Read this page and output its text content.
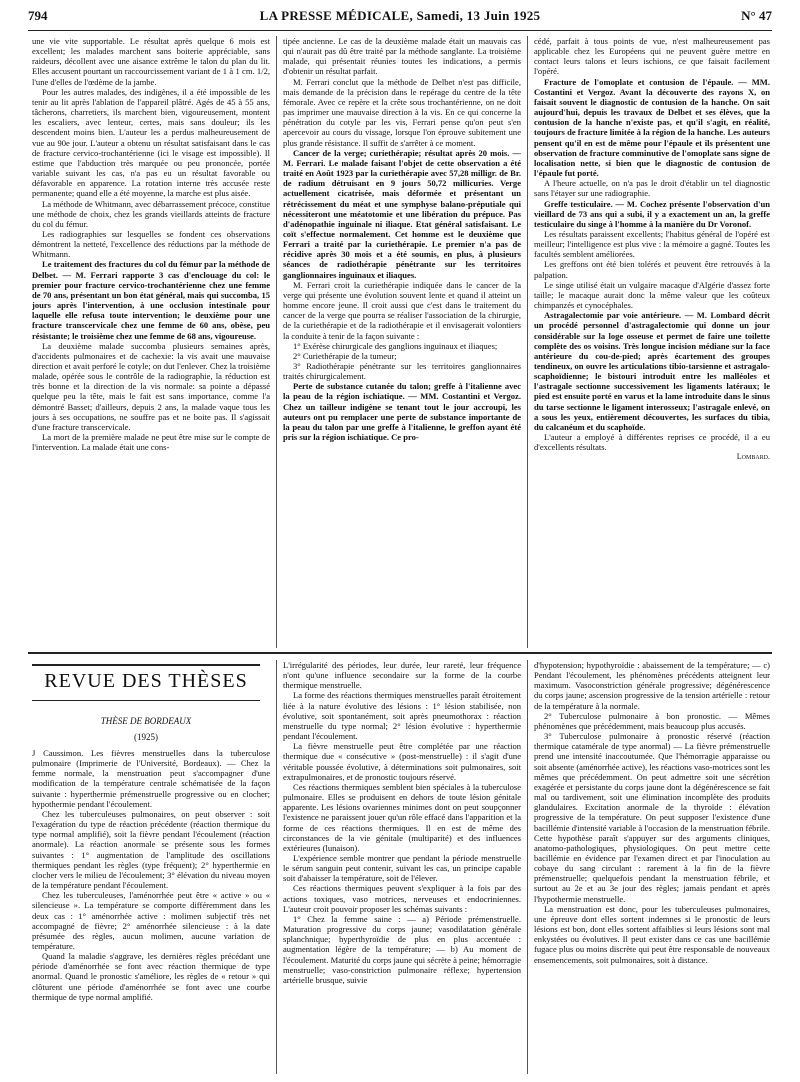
794	LA PRESSE MÉDICALE, Samedi, 13 Juin 1925	N° 47

une vie vite supportable. Le résultat après quelque 6 mois est excellent; les malades marchent sans boiterie appréciable, sans raideurs, décollent avec une aisance extrême le talon du plan du lit. Elles accusent pourtant un raccourcissement variant de 1 à 1 cm. 1/2, l'une d'elles de l'œdème de la jambe.

Pour les autres malades, des indigènes, il a été impossible de les tenir au lit après l'ablation de l'appareil plâtré. Agés de 45 à 55 ans, tâcherons, charretiers, ils marchent bien, vigoureusement, montent les escaliers, avec lenteur, certes, mais sans douleur; ils les descendent moins bien. L'auteur les a perdus malheureusement de vue au 90e jour. L'auteur a obtenu un résultat satisfaisant dans le cas de fracture cervico-trochantérienne (ici le visage est impossible). Il estime que l'abduction très marquée ou peu prononcée, portée variable suivant les cas, n'a pas eu un résultat favorable ou défavorable en apparence. La rotation interne très accusée reste permanente; quand elle a été moyenne, la marche est plus aisée.

La méthode de Whitmann, avec débarrassement précoce, constitue une méthode de choix, chez les grands vieillards atteints de fracture du col du fémur.

Les radiographies sur lesquelles se fondent ces observations démontrent la netteté, l'excellence des réductions par la méthode de Whitmann.

Le traitement des fractures du col du fémur par la méthode de Delbet. — M. Ferrari rapporte 3 cas d'enclouage du col: le premier pour fracture cervico-trochantérienne chez une femme de 70 ans, présentant un bon état général, mais qui succomba, 15 jours après l'intervention, à une occlusion intestinale pour laquelle elle refusa toute intervention; le deuxième pour une fracture transcervicale chez une femme de 60 ans, obèse, peu résistante; le troisième chez une femme de 68 ans, vigoureuse.

La deuxième malade succomba plusieurs semaines après, d'accidents pulmonaires et de cachexie: la vis avait une mauvaise direction et avait perforé le cotyle; on dut l'enlever. Chez la troisième malade, opérée sous le contrôle de la radiographie, la réduction est très bonne et la direction de la vis normale: sa pointe a dépassé quelque peu la tête, mais le fait est sans importance, comme l'a démontré Basset; d'ailleurs, depuis 2 ans, la malade vaque tous les jours à ses occupations, ne souffre pas et ne boite pas. Il s'agissait d'une fracture transcervicale.

La mort de la première malade ne peut être mise sur le compte de l'intervention. La malade était une cons-

tipée ancienne. Le cas de la deuxième malade était un mauvais cas qui n'aurait pas dû être traité par la méthode sanglante. La troisième malade, qui présentait réunies toutes les indications, a permis d'obtenir un résultat parfait.

M. Ferrari conclut que la méthode de Delbet n'est pas difficile, mais demande de la précision dans le repérage du centre de la tête fémorale. Avec ce repère et la crête sous trochantérienne, on ne doit pas imprimer une mauvaise direction à la vis. En ce qui concerne la pénétration du cotyle par les vis, Ferrari pense qu'on peut s'en apercevoir au cours du vissage, lorsque l'on éprouve subitement une plus grande résistance. Il suffit de s'arrêter à ce moment.

Cancer de la verge; curiethérapie; résultat après 20 mois. — M. Ferrari. Le malade faisant l'objet de cette observation a été traité en Août 1923 par la curiethérapie avec 57,28 milligr. de Br. de radium détruisant en 9 jours 50,72 millicuries. Verge actuellement cicatrisée, mais déformée et présentant un rétrécissement du méat et une symphyse balano-préputiale qui nécessiteront une méatotomie et une libération du prépuce. Pas d'adénopathie inguinale ni iliaque. Etat général satisfaisant. Le coït s'effectue normalement. Cet homme est le deuxième que Ferrari a traité par la curiethérapie. Le premier n'a pas de récidive après 30 mois et a été soumis, en plus, à plusieurs séances de radiothérapie pénétrante sur les territoires ganglionnaires inguinaux et iliaques.

M. Ferrari croit la curiethérapie indiquée dans le cancer de la verge qui présente une évolution souvent lente et quand il atteint un homme encore jeune. Il croit aussi que c'est dans le traitement du cancer de la verge que pourra se réaliser l'association de la chirurgie, de la curiethérapie et de la radiothérapie et il envisagerait volontiers la conduite à tenir de la façon suivante :

1° Exérèse chirurgicale des ganglions inguinaux et iliaques;

2° Curiethérapie de la tumeur;

3° Radiothérapie pénétrante sur les territoires ganglionnaires traités chirurgicalement.

Perte de substance cutanée du talon; greffe à l'italienne avec la peau de la région ischiatique. — MM. Costantini et Vergoz. Chez un tailleur indigène se tenant tout le jour accroupi, les auteurs ont pu remplacer une perte de substance importante de la peau du talon par une greffe à l'italienne, le greffon ayant été pris sur la région ischiatique. Ce pro-

cédé, parfait à tous points de vue, n'est malheureusement pas applicable chez les Européens qui ne peuvent guère mettre en contact leurs talons et leurs ischions, ce que faisait facilement l'opéré.

Fracture de l'omoplate et contusion de l'épaule. — MM. Costantini et Vergoz. Avant la découverte des rayons X, on faisait souvent le diagnostic de contusion de la hanche. On sait aujourd'hui, depuis les travaux de Delbet et ses élèves, que la contusion de la hanche n'existe pas, et qu'il s'agit, en réalité, toujours de fracture limitée à la région de la hanche. Les auteurs pensent qu'il en est de même pour l'épaule et ils présentent une observation de fracture comminutive de l'omoplate sans signe de localisation nette, si bien que le diagnostic de contusion de l'épaule fut porté.

A l'heure actuelle, on n'a pas le droit d'établir un tel diagnostic sans l'étayer sur une radiographie.

Greffe testiculaire. — M. Cochez présente l'observation d'un vieillard de 73 ans qui a subi, il y a exactement un an, la greffe testiculaire du singe à l'homme à la manière du Dr Voronof.

Les résultats paraissent excellents; l'habitus général de l'opéré est meilleur; l'intelligence est plus vive : la mémoire a gagné. Toutes les facultés semblent améliorées.

Les greffons ont été bien tolérés et peuvent être retrouvés à la palpation.

Le singe utilisé était un vulgaire macaque d'Algérie d'assez forte taille; le macaque aurait donc la même valeur que les coûteux chimpanzés et cynocéphales.

Astragalectomie par voie antérieure. — M. Lombard décrit un procédé personnel d'astragalectomie qui donne un jour considérable sur la loge osseuse et permet de faire une toilette complète des os voisins. Très longue incision médiane sur la face antérieure du cou-de-pied; après écartement des groupes tendineux, on ouvre les articulations tibio-tarsienne et astragalo-scaphoïdienne; le bistouri introduit entre les malléoles et l'astragale sectionne successivement les ligaments latéraux; le pied est ensuite porté en varus et la lame introduite dans le sinus du tarse sectionne le ligament interosseux; l'astragale enlevé, on a sous les yeux, entièrement découvertes, les surfaces du tibia, du calcanéum et du scaphoïde.

L'auteur a employé à différentes reprises ce procédé, il a eu d'excellents résultats.

Lombard.
REVUE DES THÈSES
THÈSE DE BORDEAUX
(1925)

J Caussimon. Les fièvres menstruelles dans la tuberculose pulmonaire (Imprimerie de l'Université, Bordeaux). — Chez la femme normale, la menstruation peut s'accompagner d'une modification de la température centrale schématisée de la façon suivante : hyperthermie prémenstruelle progressive ou en clocher; hypothermie pendant l'écoulement.

Chez les tuberculeuses pulmonaires, on peut observer : soit l'exagération du type de réaction précédente (réaction thermique du type normal amplifié), soit la fièvre pendant l'écoulement (réaction anormale). La réaction anormale se présente sous les formes suivantes : 1° augmentation de l'amplitude des oscillations thermiques pendant les règles (type fréquent); 2° hyperthermie en clocher vers le milieu de l'écoulement; 3° élévation du niveau moyen de la température pendant l'écoulement.

Chez les tuberculeuses, l'aménorrhée peut être « active » ou « silencieuse ». La température se comporte différemment dans les deux cas : 1° aménorrhée active : molimen subjectif très net accompagné de fièvre; 2° aménorrhée silencieuse : à la date présumée des règles, aucun molimen, aucune variation de température.

Quand la maladie s'aggrave, les dernières règles précédant une période d'aménorrhée se font avec réaction thermique de type anormal. Quand le pronostic s'améliore, les règles de « retour » qui clôturent une période d'aménorrhée se font avec une courbe thermique de type normal amplifié.

L'irrégularité des périodes, leur durée, leur rareté, leur fréquence n'ont qu'une influence secondaire sur la forme de la courbe thermique menstruelle.

La forme des réactions thermiques menstruelles paraît étroitement liée à la nature évolutive des lésions : 1° lésion stabilisée, non évolutive, soit spontanément, soit après pneumothorax : réaction menstruelle du type normal; 2° lésion évolutive : hyperthermie pendant l'écoulement.

La fièvre menstruelle peut être complétée par une réaction thermique due « consécutive » (post-menstruelle) : il s'agit d'une véritable poussée évolutive, à déterminations soit pulmonaires, soit extrapulmonaires, et de pronostic toujours réservé.

Ces réactions thermiques semblent bien spéciales à la tuberculose pulmonaire. Elles se produisent en dehors de toute lésion génitale apparente. Les lésions ovariennes minimes dont on peut soupçonner l'existence ne paraissent jouer qu'un rôle effacé dans l'apparition et la forme de ces réactions thermiques. Il en est de même des circonstances de la vie génitale (multiparité) et des influences extérieures (lunaison).

L'expérience semble montrer que pendant la période menstruelle le sérum sanguin peut contenir, suivant les cas, un principe capable soit d'abaisser la température, soit de l'élever.

Ces réactions thermiques peuvent s'expliquer à la fois par des actions toxiques, vaso motrices, nerveuses et endocriniennes. L'auteur croit pouvoir proposer les schémas suivants :

1° Chez la femme saine : — a) Période prémenstruelle. Maturation progressive du corps jaune; vasodilatation générale splanchnique; hyperthyroïdie de plus en plus accentuée : augmentation légère de la température; — b) Au moment de l'écoulement. Maturité du corps jaune qui sécrète à peine; hémorragie menstruelle; vaso-constriction pulmonaire réflexe; hypertension artérielle brusque, suivie

d'hypotension; hypothyroïdie : abaissement de la température; — c) Pendant l'écoulement, les phénomènes précédents atteignent leur maximum. Vasoconstriction générale progressive; dégénérescence du corps jaune; ascension progressive de la tension artérielle : retour de la température à la normale.

2° Tuberculose pulmonaire à bon pronostic. — Mêmes phénomènes que précédemment, mais beaucoup plus accusés.

3° Tuberculose pulmonaire à pronostic réservé (réaction thermique catamérale de type anormal) — La fièvre prémenstruelle prend une intensité inaccoutumée. Que l'hémorragie apparaisse ou soit absente (aménorrhée active), les réactions vaso-motrices sont les mêmes que précédemment. On peut admettre soit une sécrétion exagérée et persistante du corps jaune dont la dégénérescence se fait mal ou tardivement, soit une élimination incomplète des produits glandulaires. Excitation anormale de la thyroïde : élévation progressive de la température. On peut supposer l'existence d'une bacillémie d'intensité variable à l'occasion de la menstruation fébrile. Cette hypothèse paraît s'appuyer sur des arguments cliniques, anatomo-pathologiques, physiologiques. On peut mettre cette bacillémie en évidence par l'examen direct et par l'inoculation au cobaye du sang circulant : rarement à la fin de la fièvre prémenstruelle; quelquefois pendant la menstruation fébrile, et surtout au 2e et au 3e jour des règles; jamais pendant et après l'hypothermie menstruelle.

La menstruation est donc, pour les tuberculeuses pulmonaires, une épreuve dont elles sortent indemnes si le pronostic de leurs lésions est bon, dont elles sortent affaiblies si leurs lésions sont mal enkystées ou évolutives. Il peut exister dans ce cas une bacillémie fugace plus ou moins discrète qui peut être responsable de nouveaux ensemencements, soit pulmonaires, soit à distance.
